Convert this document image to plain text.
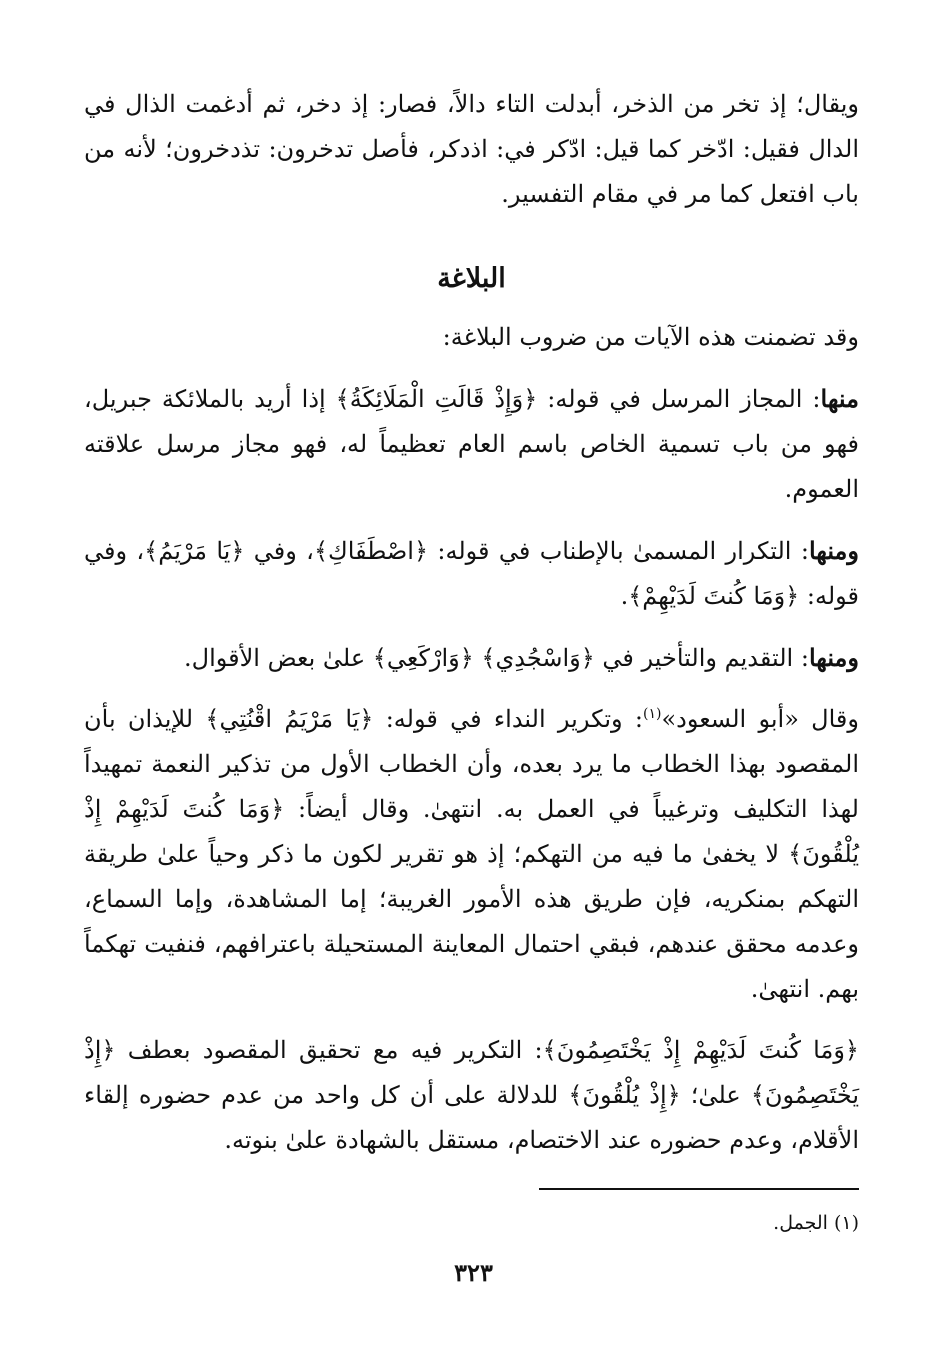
ويقال؛ إذ تخر من الذخر، أبدلت التاء دالاً، فصار: إذ دخر، ثم أدغمت الذال في الدال فقيل: ادّخر كما قيل: ادّكر في: اذدكر، فأصل تدخرون: تذدخرون؛ لأنه من باب افتعل كما مر في مقام التفسير.

البلاغة

وقد تضمنت هذه الآيات من ضروب البلاغة:

منها: المجاز المرسل في قوله: ﴿وَإِذْ قَالَتِ الْمَلَائِكَةُ﴾ إذا أريد بالملائكة جبريل، فهو من باب تسمية الخاص باسم العام تعظيماً له، فهو مجاز مرسل علاقته العموم.

ومنها: التكرار المسمىٰ بالإطناب في قوله: ﴿اصْطَفَاكِ﴾، وفي ﴿يَا مَرْيَمُ﴾، وفي قوله: ﴿وَمَا كُنتَ لَدَيْهِمْ﴾.

ومنها: التقديم والتأخير في ﴿وَاسْجُدِي﴾ ﴿وَارْكَعِي﴾ علىٰ بعض الأقوال.

وقال «أبو السعود»$^{(١)}$: وتكرير النداء في قوله: ﴿يَا مَرْيَمُ اقْنُتِي﴾ للإيذان بأن المقصود بهذا الخطاب ما يرد بعده، وأن الخطاب الأول من تذكير النعمة تمهيداً لهذا التكليف وترغيباً في العمل به. انتهىٰ. وقال أيضاً: ﴿وَمَا كُنتَ لَدَيْهِمْ إِذْ يُلْقُونَ﴾ لا يخفىٰ ما فيه من التهكم؛ إذ هو تقرير لكون ما ذكر وحياً علىٰ طريقة التهكم بمنكريه، فإن طريق هذه الأمور الغريبة؛ إما المشاهدة، وإما السماع، وعدمه محقق عندهم، فبقي احتمال المعاينة المستحيلة باعترافهم، فنفيت تهكماً بهم. انتهىٰ.

﴿وَمَا كُنتَ لَدَيْهِمْ إِذْ يَخْتَصِمُونَ﴾: التكرير فيه مع تحقيق المقصود بعطف ﴿إِذْ يَخْتَصِمُونَ﴾ علىٰ؛ ﴿إِذْ يُلْقُونَ﴾ للدلالة على أن كل واحد من عدم حضوره إلقاء الأقلام، وعدم حضوره عند الاختصام، مستقل بالشهادة علىٰ بنوته.

(١) الجمل.
٣٢٣
